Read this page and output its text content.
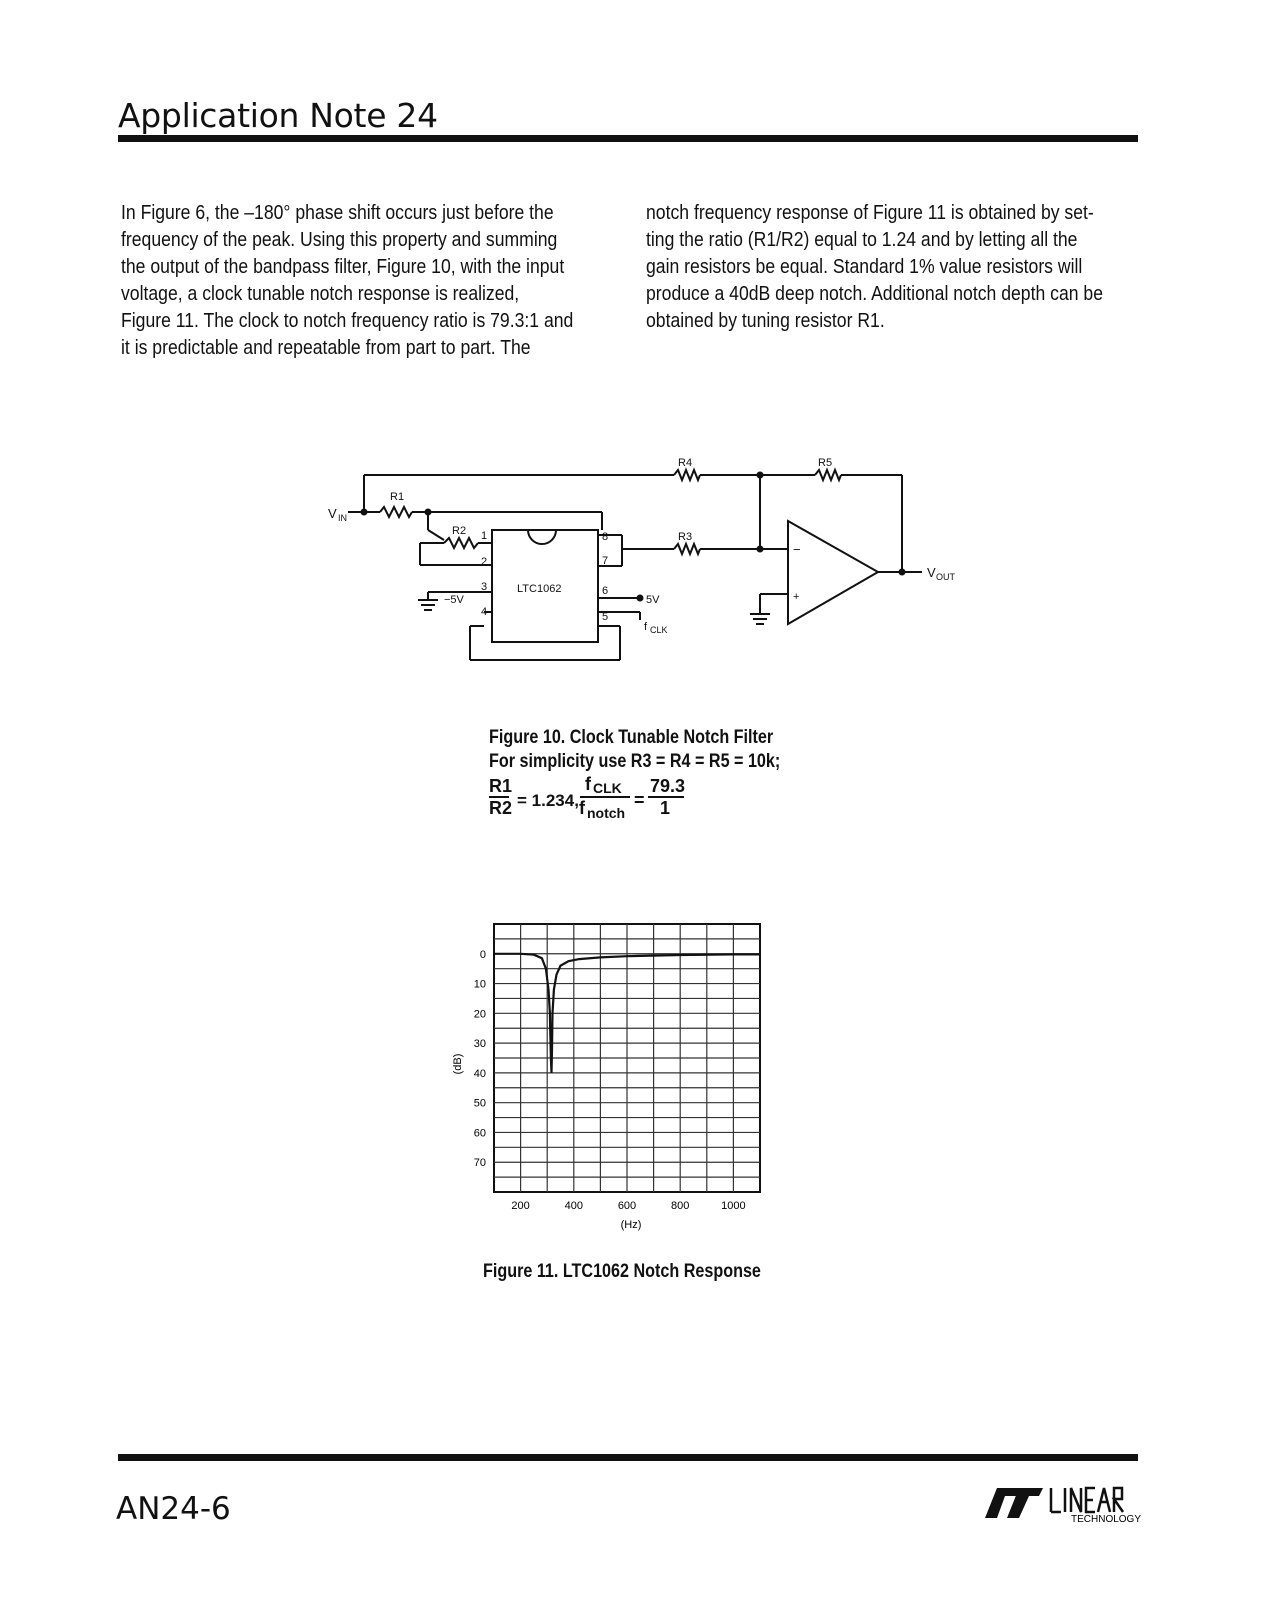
Application Note 24
In Figure 6, the –180° phase shift occurs just before the
frequency of the peak. Using this property and summing
the output of the bandpass filter, Figure 10, with the input
voltage, a clock tunable notch response is realized,
Figure 11. The clock to notch frequency ratio is 79.3:1 and
it is predictable and repeatable from part to part. The
notch frequency response of Figure 11 is obtained by set-
ting the ratio (R1/R2) equal to 1.24 and by letting all the
gain resistors be equal. Standard 1% value resistors will
produce a 40dB deep notch. Additional notch depth can be
obtained by tuning resistor R1.
V IN
R1
R2	R3
R4	R5
LTC1062
1
2
3
4	5
6
7
8
−5V	5V
f CLK
−
+
V OUT
Figure 10. Clock Tunable Notch Filter
For simplicity use R3 = R4 = R5 = 10k;
R1
R2 = 1.234,
f CLK
f notch
=
79.3
1
0
10
20
30
40
50
60
70
200	400	600	800	1000
(dB)
(Hz)
Figure 11. LTC1062 Notch Response
AN24-6	TECHNOLOGY
